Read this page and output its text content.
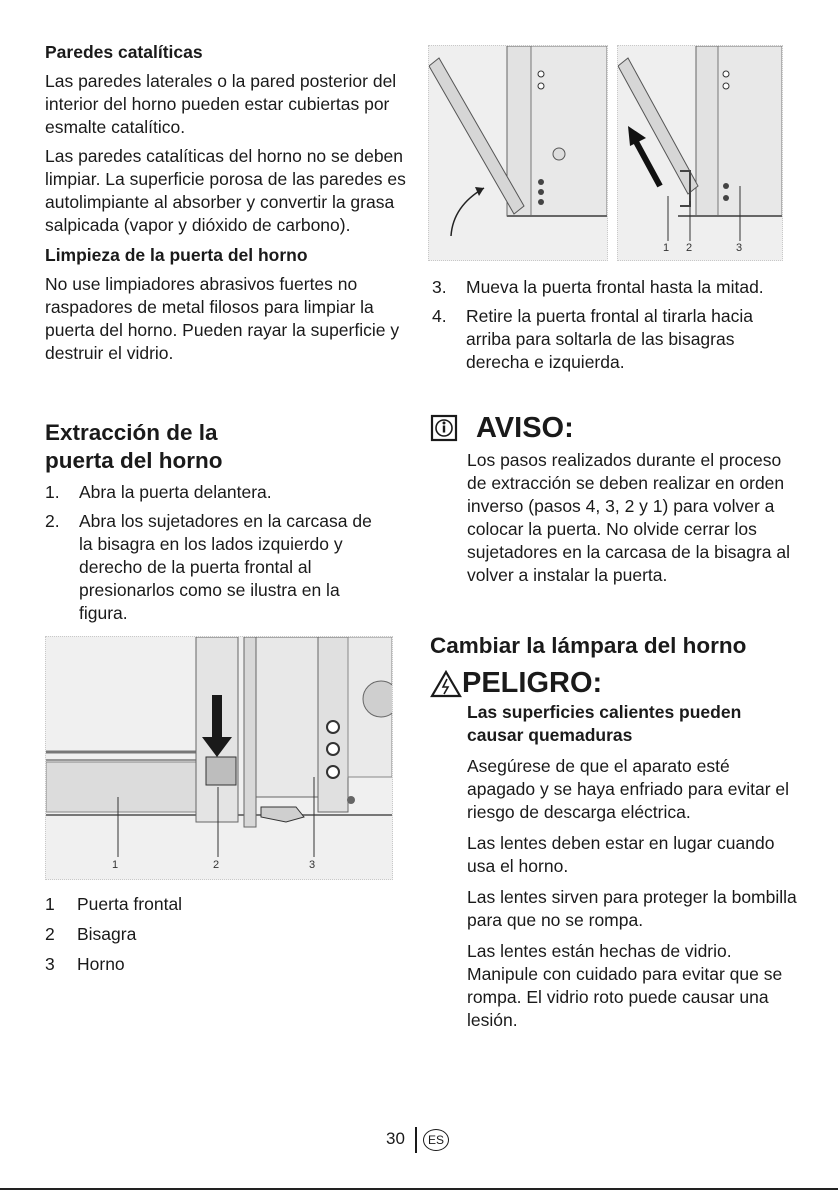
Paredes catalíticas

Las paredes laterales o la pared posterior del interior del horno pueden estar cubiertas por esmalte catalítico.

Las paredes catalíticas del horno no se deben limpiar. La superficie porosa de las paredes es autolimpiante al absorber y convertir la grasa salpicada (vapor y dióxido de carbono).

Limpieza de la puerta del horno

No use limpiadores abrasivos fuertes no raspadores de metal filosos para limpiar la puerta del horno. Pueden rayar la superficie y destruir el vidrio.

Extracción de la
puerta del horno
1. Abra la puerta delantera.
2. Abra los sujetadores en la carcasa de la bisagra en los lados izquierdo y derecho de la puerta frontal al presionarlos como se ilustra en la figura.
1	2	3
1 Puerta frontal
2 Bisagra
3 Horno
1 2	3
3. Mueva la puerta frontal hasta la mitad.
4. Retire la puerta frontal al tirarla hacia arriba para soltarla de las bisagras derecha e izquierda.
AVISO:

Los pasos realizados durante el proceso de extracción se deben realizar en orden inverso (pasos 4, 3, 2 y 1) para volver a colocar la puerta. No olvide cerrar los sujetadores en la carcasa de la bisagra al volver a instalar la puerta.

Cambiar la lámpara del horno
PELIGRO:

Las superficies calientes pueden causar quemaduras

Asegúrese de que el aparato esté apagado y se haya enfriado para evitar el riesgo de descarga eléctrica.

Las lentes deben estar en lugar cuando usa el horno.

Las lentes sirven para proteger la bombilla para que no se rompa.

Las lentes están hechas de vidrio. Manipule con cuidado para evitar que se rompa. El vidrio roto puede causar una lesión.

30	ES
